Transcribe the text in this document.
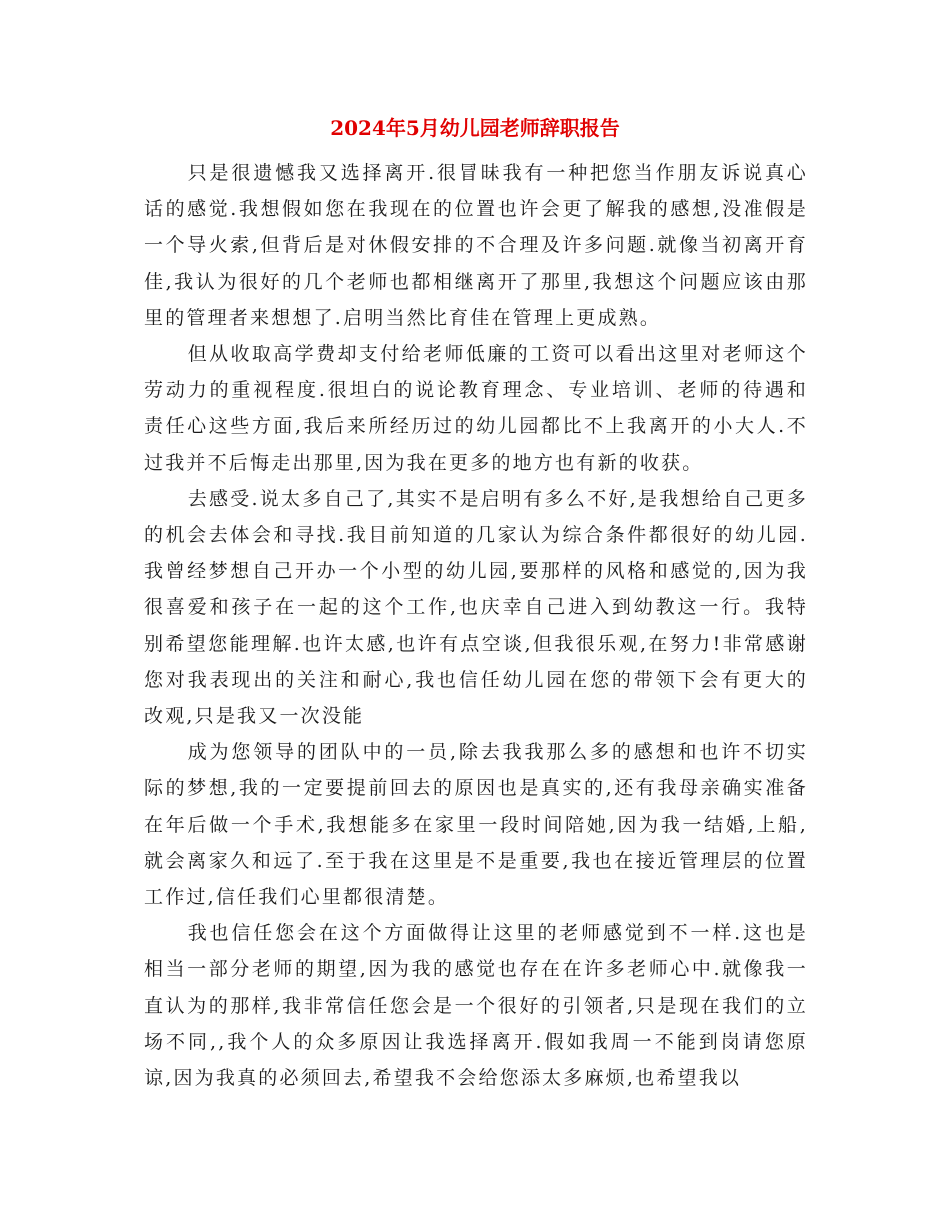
2024年5月幼儿园老师辞职报告

只是很遗憾我又选择离开.很冒昧我有一种把您当作朋友诉说真心话的感觉.我想假如您在我现在的位置也许会更了解我的感想,没准假是一个导火索,但背后是对休假安排的不合理及许多问题.就像当初离开育佳,我认为很好的几个老师也都相继离开了那里,我想这个问题应该由那里的管理者来想想了.启明当然比育佳在管理上更成熟。

但从收取高学费却支付给老师低廉的工资可以看出这里对老师这个劳动力的重视程度.很坦白的说论教育理念、专业培训、老师的待遇和责任心这些方面,我后来所经历过的幼儿园都比不上我离开的小大人.不过我并不后悔走出那里,因为我在更多的地方也有新的收获。

去感受.说太多自己了,其实不是启明有多么不好,是我想给自己更多的机会去体会和寻找.我目前知道的几家认为综合条件都很好的幼儿园.我曾经梦想自己开办一个小型的幼儿园,要那样的风格和感觉的,因为我很喜爱和孩子在一起的这个工作,也庆幸自己进入到幼教这一行。我特别希望您能理解.也许太感,也许有点空谈,但我很乐观,在努力!非常感谢您对我表现出的关注和耐心,我也信任幼儿园在您的带领下会有更大的改观,只是我又一次没能

成为您领导的团队中的一员,除去我我那么多的感想和也许不切实际的梦想,我的一定要提前回去的原因也是真实的,还有我母亲确实准备在年后做一个手术,我想能多在家里一段时间陪她,因为我一结婚,上船,就会离家久和远了.至于我在这里是不是重要,我也在接近管理层的位置工作过,信任我们心里都很清楚。

我也信任您会在这个方面做得让这里的老师感觉到不一样.这也是相当一部分老师的期望,因为我的感觉也存在在许多老师心中.就像我一直认为的那样,我非常信任您会是一个很好的引领者,只是现在我们的立场不同,,我个人的众多原因让我选择离开.假如我周一不能到岗请您原谅,因为我真的必须回去,希望我不会给您添太多麻烦,也希望我以
